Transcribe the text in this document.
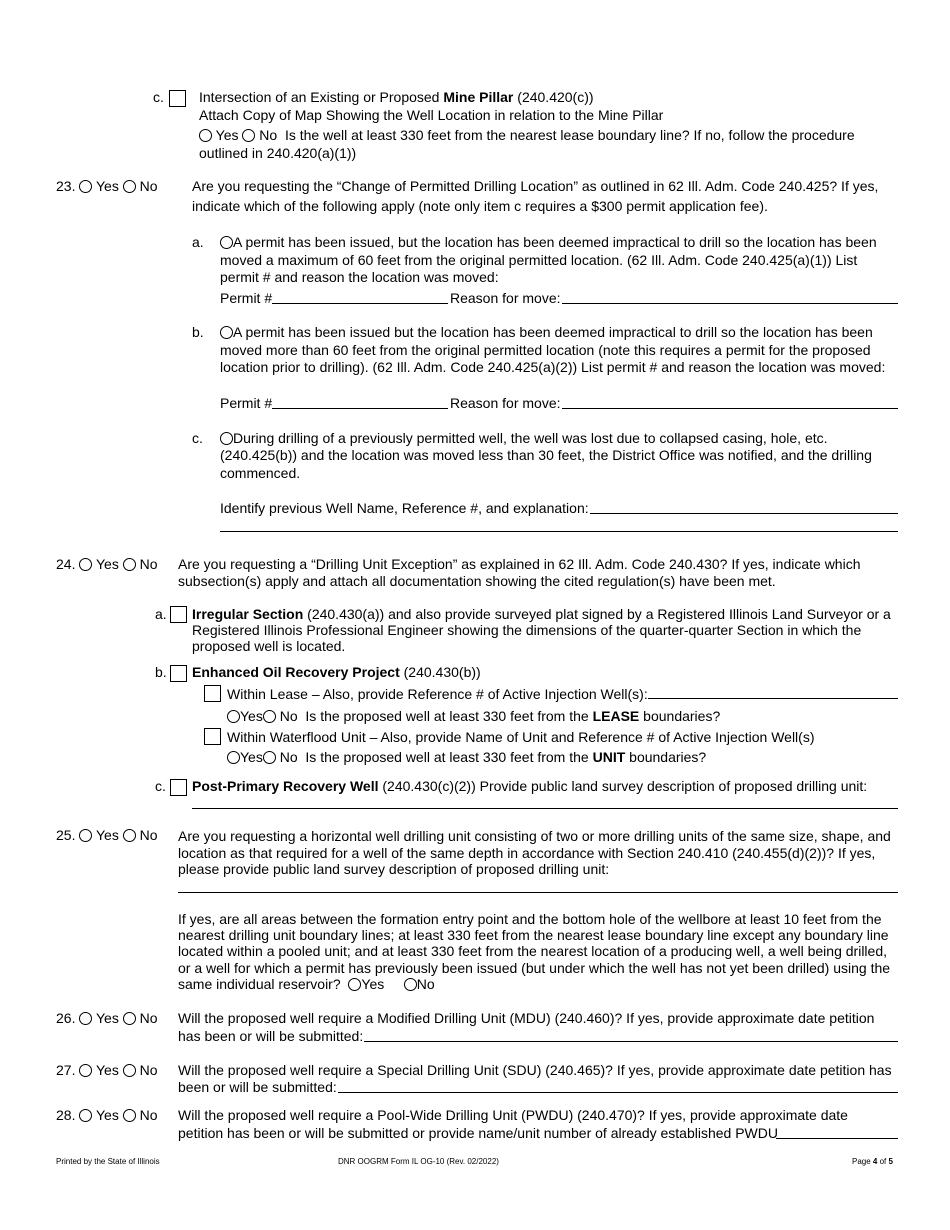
c.	Intersection of an Existing or Proposed Mine Pillar (240.420(c))
Attach Copy of Map Showing the Well Location in relation to the Mine Pillar
Yes No Is the well at least 330 feet from the nearest lease boundary line? If no, follow the procedure
outlined in 240.420(a)(1))
23. Yes No Are you requesting the “Change of Permitted Drilling Location” as outlined in 62 Ill. Adm. Code 240.425? If yes,
indicate which of the following apply (note only item c requires a $300 permit application fee).
a.	A permit has been issued, but the location has been deemed impractical to drill so the location has been
moved a maximum of 60 feet from the original permitted location. (62 Ill. Adm. Code 240.425(a)(1)) List
permit # and reason the location was moved:
Permit #	Reason for move:
b.	A permit has been issued but the location has been deemed impractical to drill so the location has been
moved more than 60 feet from the original permitted location (note this requires a permit for the proposed
location prior to drilling). (62 Ill. Adm. Code 240.425(a)(2)) List permit # and reason the location was moved:
Permit #	Reason for move:
c.	During drilling of a previously permitted well, the well was lost due to collapsed casing, hole, etc.
(240.425(b)) and the location was moved less than 30 feet, the District Office was notified, and the drilling
commenced.
Identify previous Well Name, Reference #, and explanation:
24. Yes No Are you requesting a “Drilling Unit Exception” as explained in 62 Ill. Adm. Code 240.430? If yes, indicate which
subsection(s) apply and attach all documentation showing the cited regulation(s) have been met.
a. Irregular Section (240.430(a)) and also provide surveyed plat signed by a Registered Illinois Land Surveyor or a
Registered Illinois Professional Engineer showing the dimensions of the quarter-quarter Section in which the
proposed well is located.
b. Enhanced Oil Recovery Project (240.430(b))
Within Lease – Also, provide Reference # of Active Injection Well(s):
Yes No Is the proposed well at least 330 feet from the LEASE boundaries?
Within Waterflood Unit – Also, provide Name of Unit and Reference # of Active Injection Well(s)
Yes No Is the proposed well at least 330 feet from the UNIT boundaries?
c. Post-Primary Recovery Well (240.430(c)(2)) Provide public land survey description of proposed drilling unit:
25. Yes No Are you requesting a horizontal well drilling unit consisting of two or more drilling units of the same size, shape, and
location as that required for a well of the same depth in accordance with Section 240.410 (240.455(d)(2))? If yes,
please provide public land survey description of proposed drilling unit:
If yes, are all areas between the formation entry point and the bottom hole of the wellbore at least 10 feet from the
nearest drilling unit boundary lines; at least 330 feet from the nearest lease boundary line except any boundary line
located within a pooled unit; and at least 330 feet from the nearest location of a producing well, a well being drilled,
or a well for which a permit has previously been issued (but under which the well has not yet been drilled) using the
same individual reservoir? Yes No
26. Yes No Will the proposed well require a Modified Drilling Unit (MDU) (240.460)? If yes, provide approximate date petition
has been or will be submitted:
27. Yes No Will the proposed well require a Special Drilling Unit (SDU) (240.465)? If yes, provide approximate date petition has
been or will be submitted:
28. Yes No Will the proposed well require a Pool-Wide Drilling Unit (PWDU) (240.470)? If yes, provide approximate date
petition has been or will be submitted or provide name/unit number of already established PWDU
Printed by the State of Illinois	DNR OOGRM Form IL OG-10 (Rev. 02/2022)	Page 4 of 5
